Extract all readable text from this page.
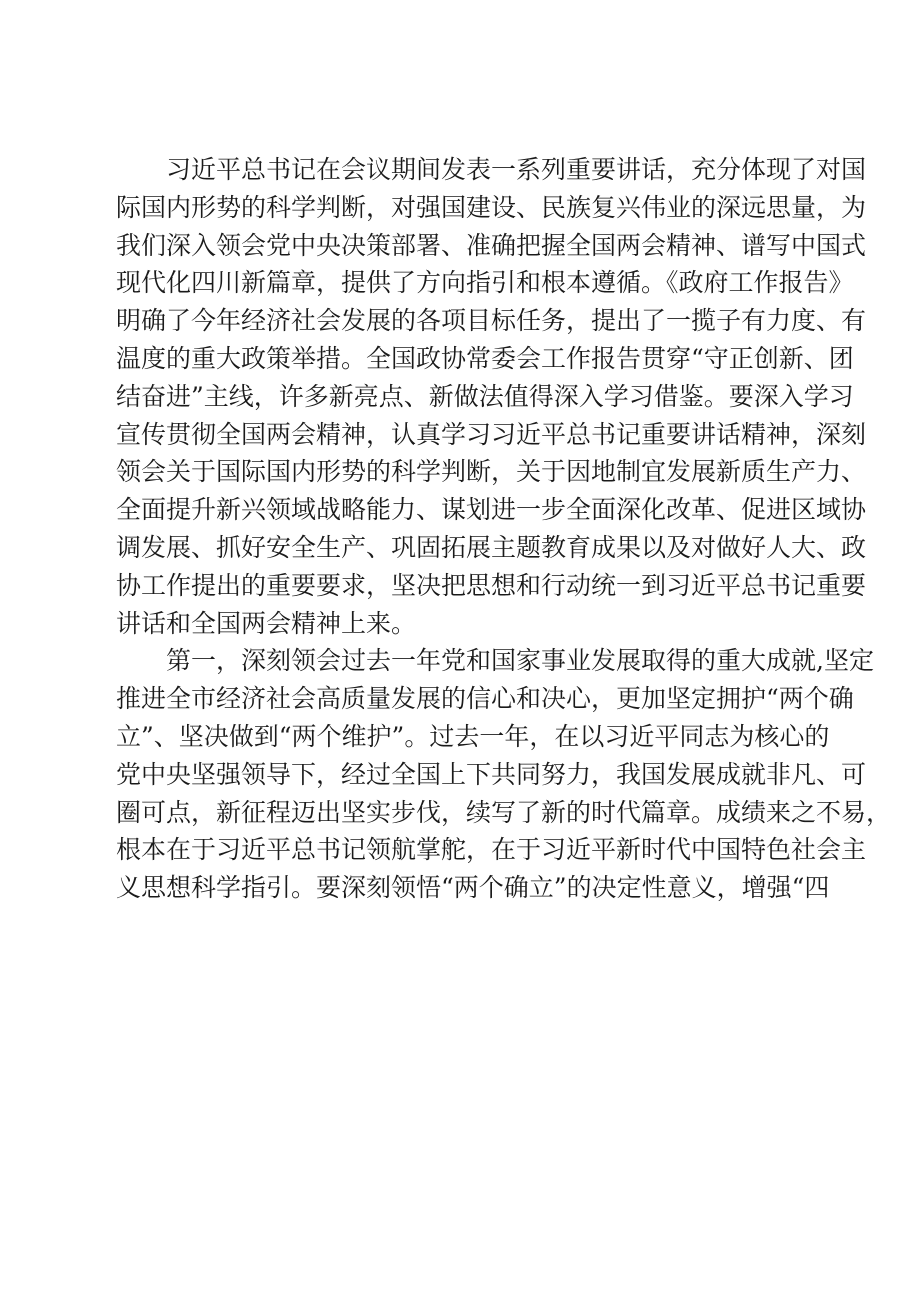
习近平总书记在会议期间发表一系列重要讲话，充分体现了对国
际国内形势的科学判断，对强国建设、民族复兴伟业的深远思量，为
我们深入领会党中央决策部署、准确把握全国两会精神、谱写中国式
现代化四川新篇章，提供了方向指引和根本遵循。《政府工作报告》
明确了今年经济社会发展的各项目标任务，提出了一揽子有力度、有
温度的重大政策举措。全国政协常委会工作报告贯穿“守正创新、团
结奋进”主线，许多新亮点、新做法值得深入学习借鉴。要深入学习
宣传贯彻全国两会精神，认真学习习近平总书记重要讲话精神，深刻
领会关于国际国内形势的科学判断，关于因地制宜发展新质生产力、
全面提升新兴领域战略能力、谋划进一步全面深化改革、促进区域协
调发展、抓好安全生产、巩固拓展主题教育成果以及对做好人大、政
协工作提出的重要要求，坚决把思想和行动统一到习近平总书记重要
讲话和全国两会精神上来。
第一，深刻领会过去一年党和国家事业发展取得的重大成就,坚定
推进全市经济社会高质量发展的信心和决心，更加坚定拥护“两个确
立”、坚决做到“两个维护”。过去一年，在以习近平同志为核心的
党中央坚强领导下，经过全国上下共同努力，我国发展成就非凡、可
圈可点，新征程迈出坚实步伐，续写了新的时代篇章。成绩来之不易，
根本在于习近平总书记领航掌舵，在于习近平新时代中国特色社会主
义思想科学指引。要深刻领悟“两个确立”的决定性意义，增强“四
